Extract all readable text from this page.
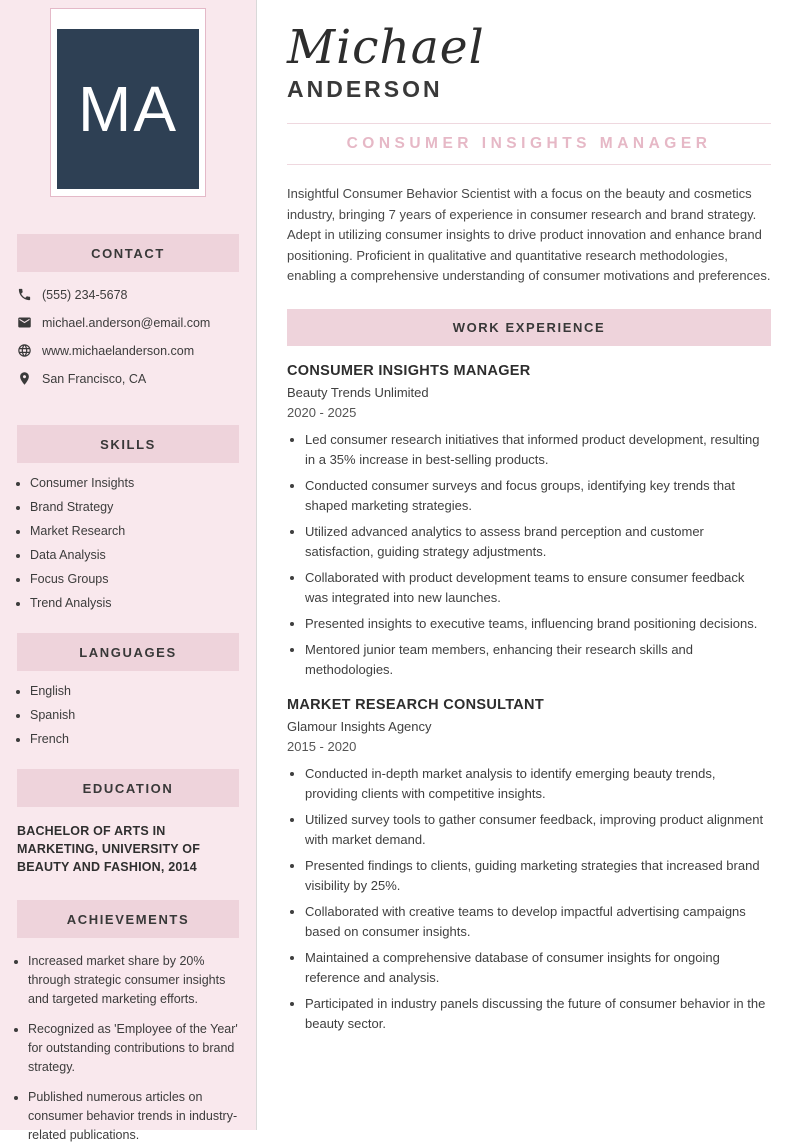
MA
CONTACT
(555) 234-5678
michael.anderson@email.com
www.michaelanderson.com
San Francisco, CA
SKILLS
• Consumer Insights
• Brand Strategy
• Market Research
• Data Analysis
• Focus Groups
• Trend Analysis
LANGUAGES
• English
• Spanish
• French
EDUCATION
BACHELOR OF ARTS IN MARKETING, UNIVERSITY OF BEAUTY AND FASHION, 2014
ACHIEVEMENTS
• Increased market share by 20% through strategic consumer insights and targeted marketing efforts.
• Recognized as 'Employee of the Year' for outstanding contributions to brand strategy.
• Published numerous articles on consumer behavior trends in industry-related publications.
Michael
ANDERSON
CONSUMER INSIGHTS MANAGER

Insightful Consumer Behavior Scientist with a focus on the beauty and cosmetics industry, bringing 7 years of experience in consumer research and brand strategy. Adept in utilizing consumer insights to drive product innovation and enhance brand positioning. Proficient in qualitative and quantitative research methodologies, enabling a comprehensive understanding of consumer motivations and preferences.

WORK EXPERIENCE
CONSUMER INSIGHTS MANAGER
Beauty Trends Unlimited
2020 - 2025
• Led consumer research initiatives that informed product development, resulting in a 35% increase in best-selling products.
• Conducted consumer surveys and focus groups, identifying key trends that shaped marketing strategies.
• Utilized advanced analytics to assess brand perception and customer satisfaction, guiding strategy adjustments.
• Collaborated with product development teams to ensure consumer feedback was integrated into new launches.
• Presented insights to executive teams, influencing brand positioning decisions.
• Mentored junior team members, enhancing their research skills and methodologies.
MARKET RESEARCH CONSULTANT
Glamour Insights Agency
2015 - 2020
• Conducted in-depth market analysis to identify emerging beauty trends, providing clients with competitive insights.
• Utilized survey tools to gather consumer feedback, improving product alignment with market demand.
• Presented findings to clients, guiding marketing strategies that increased brand visibility by 25%.
• Collaborated with creative teams to develop impactful advertising campaigns based on consumer insights.
• Maintained a comprehensive database of consumer insights for ongoing reference and analysis.
• Participated in industry panels discussing the future of consumer behavior in the beauty sector.
